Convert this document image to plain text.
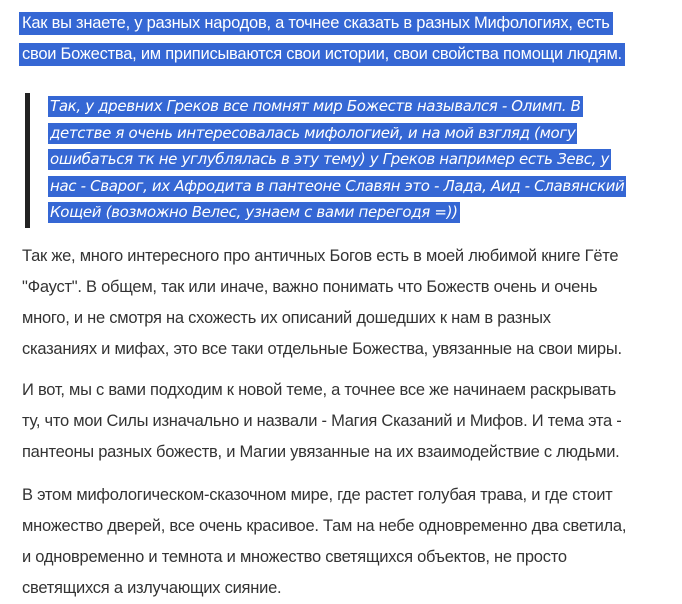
Как вы знаете, у разных народов, а точнее сказать в разных Мифологиях, есть
свои Божества, им приписываются свои истории, свои свойства помощи людям.

Так, у древних Греков все помнят мир Божеств назывался - Олимп. В
детстве я очень интересовалась мифологией, и на мой взгляд (могу
ошибаться тк не углублялась в эту тему) у Греков например есть Зевс, у
нас - Сварог, их Афродита в пантеоне Славян это - Лада, Аид - Славянский
Кощей (возможно Велес, узнаем с вами перегодя =))

Так же, много интересного про античных Богов есть в моей любимой книге Гёте
"Фауст". В общем, так или иначе, важно понимать что Божеств очень и очень
много, и не смотря на схожесть их описаний дошедших к нам в разных
сказаниях и мифах, это все таки отдельные Божества, увязанные на свои миры.

И вот, мы с вами подходим к новой теме, а точнее все же начинаем раскрывать
ту, что мои Силы изначально и назвали - Магия Сказаний и Мифов. И тема эта -
пантеоны разных божеств, и Магии увязанные на их взаимодействие с людьми.

В этом мифологическом-сказочном мире, где растет голубая трава, и где стоит
множество дверей, все очень красивое. Там на небе одновременно два светила,
и одновременно и темнота и множество светящихся объектов, не просто
светящихся а излучающих сияние.
